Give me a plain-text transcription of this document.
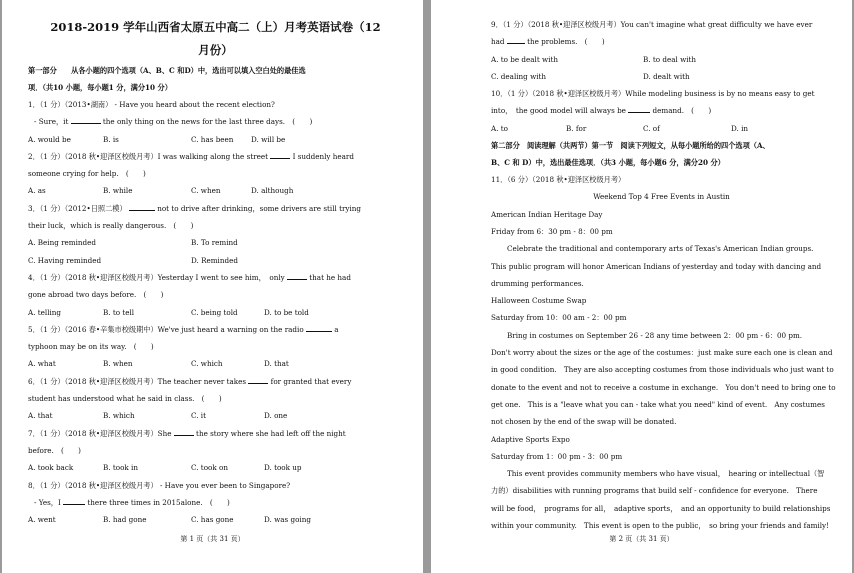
2018-2019 学年山西省太原五中高二（上）月考英语试卷（12
月份）
第一部分　　从各小题的四个选项（A、B、C 和D）中，选出可以填入空白处的最佳选
项．（共10 小题，每小题1 分，满分10 分）
1．（1 分）（2013•湖南） - Have you heard about the recent election?
- Sure，it	the only thing on the news for the last three days.　(　　)
A. would be	B. is	C. has been	D. will be
2．（1 分）（2018 秋•迎泽区校级月考）I was walking along the street	I suddenly heard
someone crying for help.　(　　)
A. as	B. while	C. when	D. although
3．（1 分）（2012•日照二模）	not to drive after drinking，some drivers are still trying
their luck，which is really dangerous.　(　　)
A. Being reminded	B. To remind
C. Having reminded	D. Reminded
4．（1 分）（2018 秋•迎泽区校级月考）Yesterday I went to see him，　only	that he had
gone abroad two days before.　(　　)
A. telling	B. to tell	C. being told	D. to be told
5．（1 分）（2016 春•辛集市校级期中）We've just heard a warning on the radio	a
typhoon may be on its way.　(　　)
A. what	B. when	C. which	D. that
6．（1 分）（2018 秋•迎泽区校级月考）The teacher never takes	for granted that every
student has understood what he said in class.　(　　)
A. that	B. which	C. it	D. one
7．（1 分）（2018 秋•迎泽区校级月考）She	the story where she had left off the night
before.　(　　)
A. took back	B. took in	C. took on	D. took up
8．（1 分）（2018 秋•迎泽区校级月考） - Have you ever been to Singapore?
- Yes，I	there three times in 2015alone.　(　　)
A. went	B. had gone	C. has gone	D. was going
第 1 页（共 31 页）
9．（1 分）（2018 秋•迎泽区校级月考）You can't imagine what great difficulty we have ever
had	the problems.　(　　)
A. to be dealt with	B. to deal with
C. dealing with	D. dealt with
10．（1 分）（2018 秋•迎泽区校级月考）While modeling business is by no means easy to get
into，　the good model will always be	demand.　(　　)
A. to	B. for	C. of	D. in
第二部分　阅读理解（共两节）第一节　阅读下列短文，从每小题所给的四个选项（A、
B、C 和 D）中，选出最佳选项．（共3 小题，每小题6 分，满分20 分）
11．（6 分）（2018 秋•迎泽区校级月考）
Weekend Top 4 Free Events in Austin
American Indian Heritage Day
Friday from 6：30 pm - 8：00 pm
Celebrate the traditional and contemporary arts of Texas's American Indian groups.
This public program will honor American Indians of yesterday and today with dancing and
drumming performances.
Halloween Costume Swap
Saturday from 10：00 am - 2：00 pm
Bring in costumes on September 26 - 28 any time between 2：00 pm - 6：00 pm.
Don't worry about the sizes or the age of the costumes：just make sure each one is clean and
in good condition.　They are also accepting costumes from those individuals who just want to
donate to the event and not to receive a costume in exchange.　You don't need to bring one to
get one.　This is a "leave what you can - take what you need" kind of event.　Any costumes
not chosen by the end of the swap will be donated.
Adaptive Sports Expo
Saturday from 1：00 pm - 3：00 pm
This event provides community members who have visual，　hearing or intellectual（智
力的）disabilities with running programs that build self - confidence for everyone.　There
will be food，　programs for all，　adaptive sports，　and an opportunity to build relationships
within your community.　This event is open to the public，　so bring your friends and family!
第 2 页（共 31 页）
